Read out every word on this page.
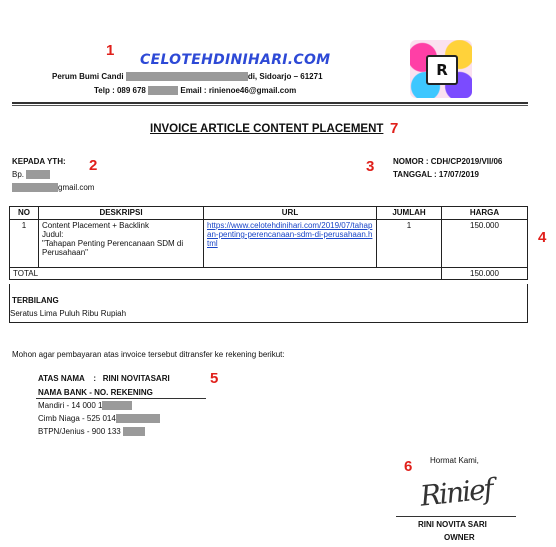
1
2	3
4
5
6
7
CELOTEHDINIHARI.COM
Perum Bumi Candi	di, Sidoarjo – 61271
Telp : 089 678	Email : rinienoe46@gmail.com
R
INVOICE ARTICLE CONTENT PLACEMENT
KEPADA YTH:
Bp.
gmail.com
NOMOR : CDH/CP2019/VII/06
TANGGAL : 17/07/2019
NO	DESKRIPSI	URL	JUMLAH	HARGA
1	Content Placement + Backlink
Judul:
"Tahapan Penting Perencanaan SDM di Perusahaan"	https://www.celotehdinihari.com/2019/07/tahapan-penting-perencanaan-sdm-di-perusahaan.html	1	150.000
TOTAL				150.000
TERBILANG
Seratus Lima Puluh Ribu Rupiah
Mohon agar pembayaran atas invoice tersebut ditransfer ke rekening berikut:
ATAS NAMA    :   RINI NOVITASARI
NAMA BANK - NO. REKENING
Mandiri - 14 000 1
Cimb Niaga - 525 014
BTPN/Jenius - 900 133
Hormat Kami,
Rinief
RINI NOVITA SARI
OWNER
